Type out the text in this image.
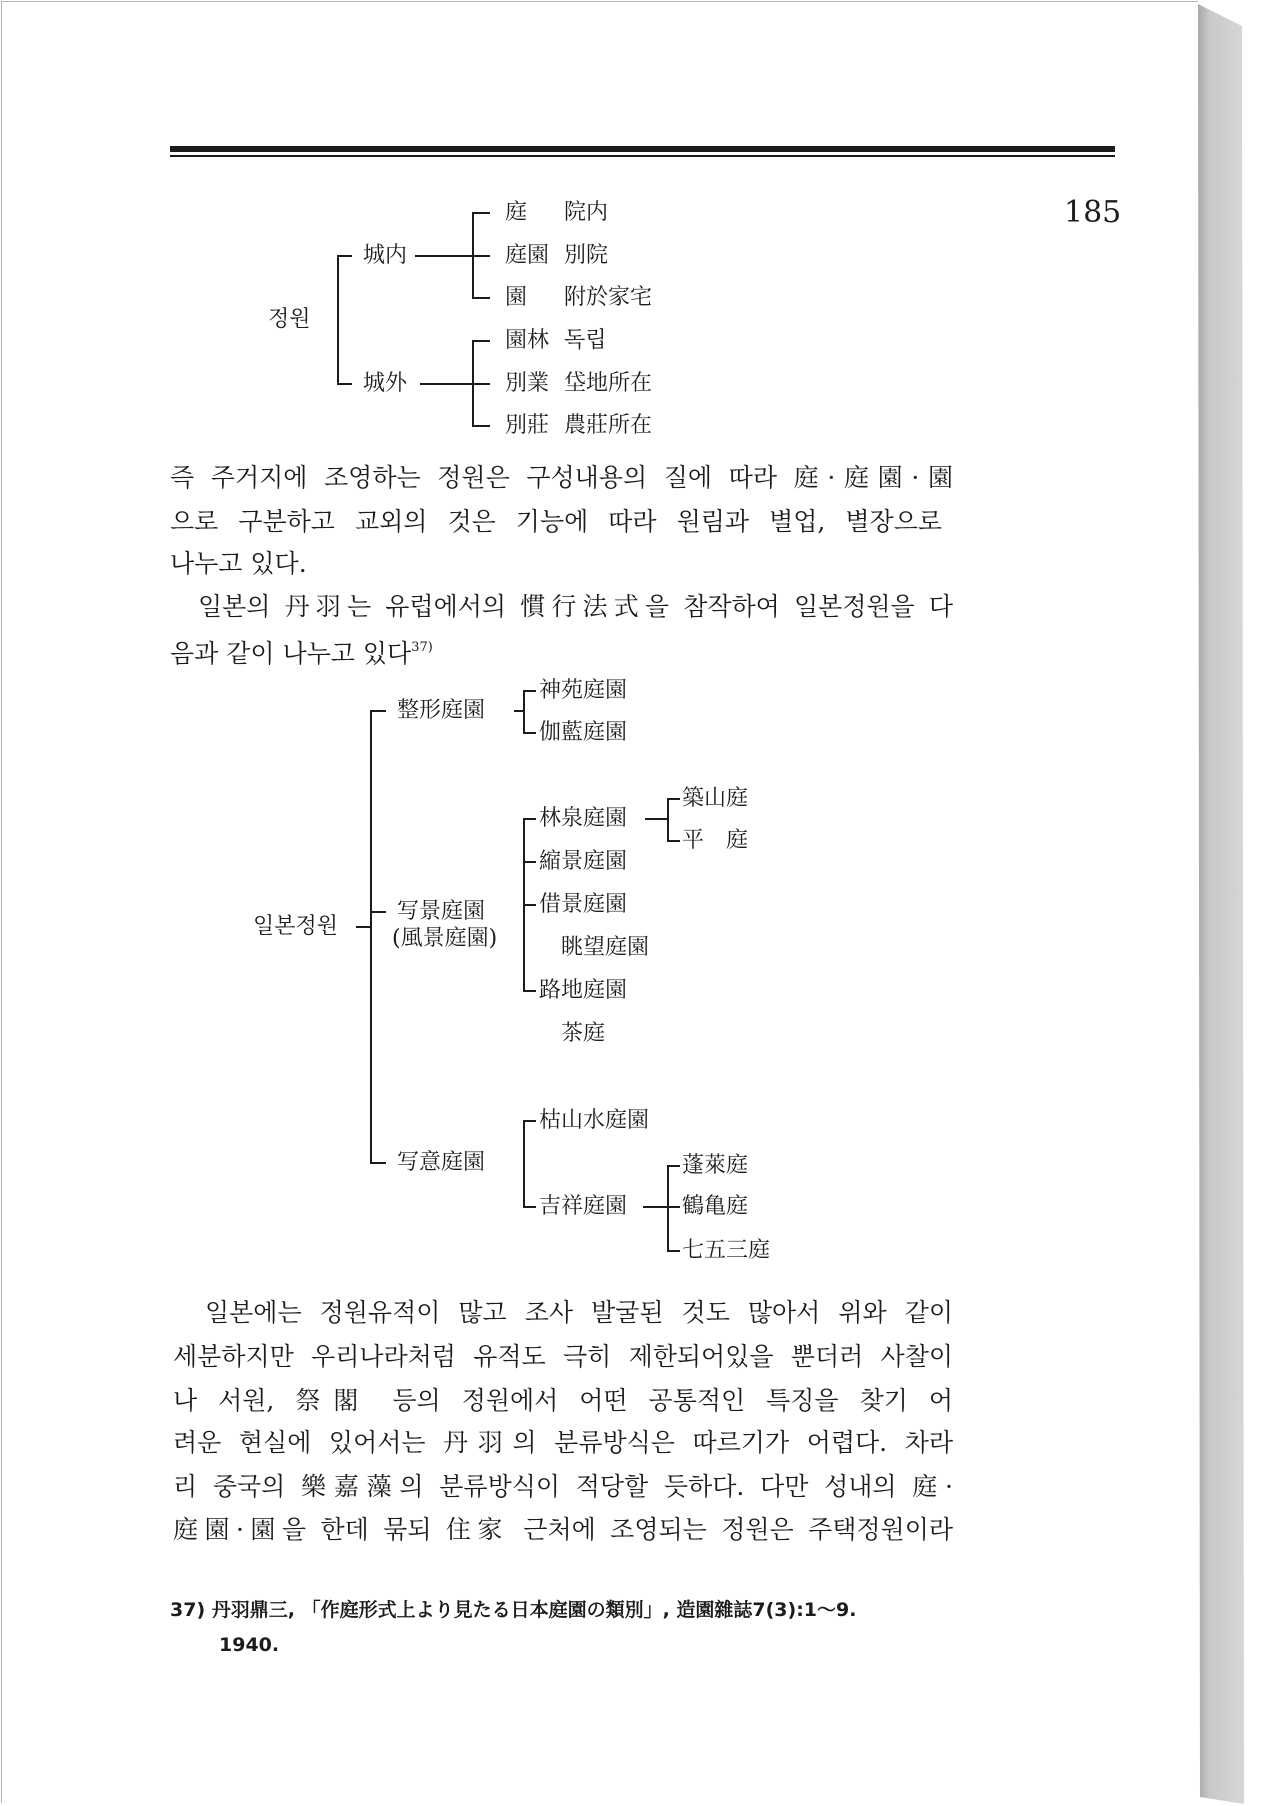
185
정원
城内
城外
庭 院内
庭園 別院
園 附於家宅
園林 독립
別業 垈地所在
別莊 農莊所在
즉 주거지에 조영하는 정원은 구성내용의 질에 따라 庭·庭園·園
으로 구분하고 교외의 것은 기능에 따라 원림과 별업, 별장으로
나누고 있다.
일본의 丹羽는 유럽에서의 慣行法式을 참작하여 일본정원을 다
음과 같이 나누고 있다$^{37)}$
일본정원
整形庭園
神苑庭園
伽藍庭園
写景庭園
(風景庭園)
林泉庭園
縮景庭園
借景庭園
眺望庭園
路地庭園
茶庭
築山庭
平　庭
写意庭園
枯山水庭園
吉祥庭園
蓬萊庭
鶴亀庭
七五三庭
일본에는 정원유적이 많고 조사 발굴된 것도 많아서 위와 같이
세분하지만 우리나라처럼 유적도 극히 제한되어있을 뿐더러 사찰이
나 서원, 祭閣 등의 정원에서 어떤 공통적인 특징을 찾기 어
려운 현실에 있어서는 丹羽의 분류방식은 따르기가 어렵다. 차라
리 중국의 樂嘉藻의 분류방식이 적당할 듯하다. 다만 성내의 庭·
庭園·園을 한데 묶되 住家 근처에 조영되는 정원은 주택정원이라
37) 丹羽鼎三, 「作庭形式上より見たる日本庭園の類別」, 造園雜誌7(3):1～9.
1940.
